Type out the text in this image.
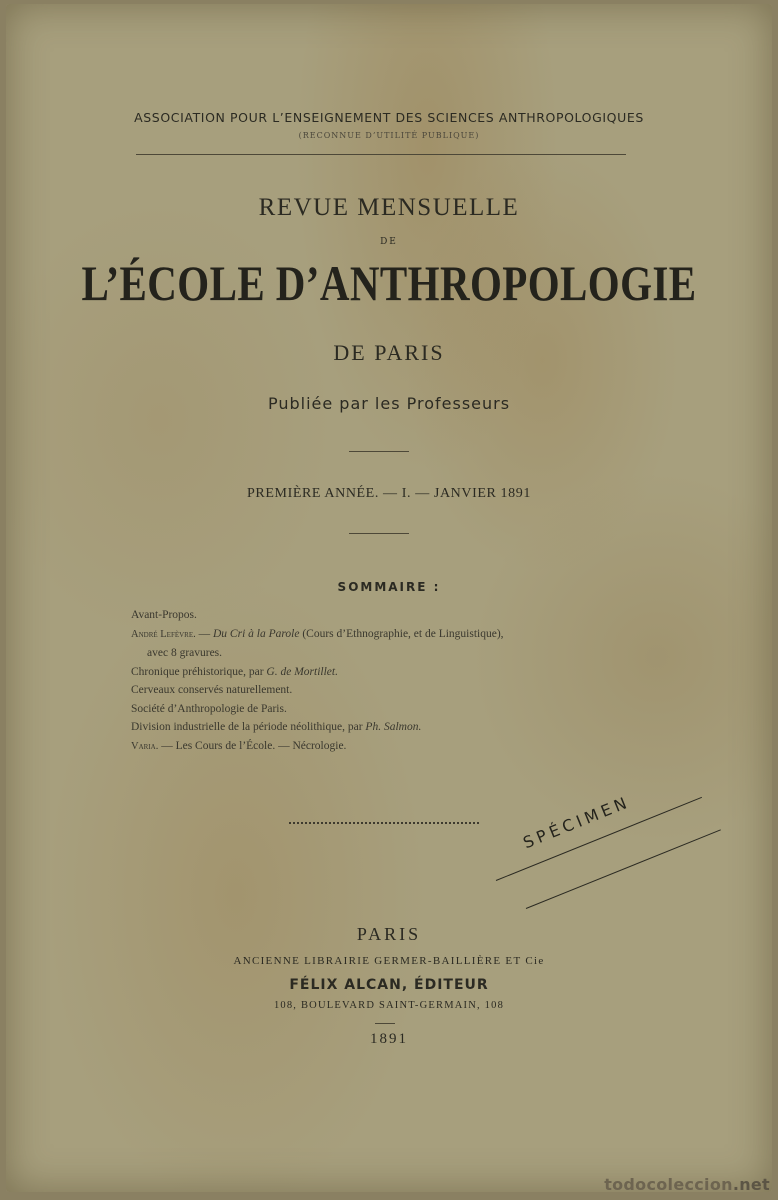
ASSOCIATION POUR L’ENSEIGNEMENT DES SCIENCES ANTHROPOLOGIQUES
(RECONNUE D’UTILITÉ PUBLIQUE)
REVUE MENSUELLE
DE
L’ÉCOLE D’ANTHROPOLOGIE
DE PARIS
Publiée par les Professeurs
PREMIÈRE ANNÉE. — I. — JANVIER 1891
SOMMAIRE :
Avant-Propos.
André Lefèvre. — Du Cri à la Parole (Cours d’Ethnographie, et de Linguistique),
avec 8 gravures.
Chronique préhistorique, par G. de Mortillet.
Cerveaux conservés naturellement.
Société d’Anthropologie de Paris.
Division industrielle de la période néolithique, par Ph. Salmon.
Varia. — Les Cours de l’École. — Nécrologie.
SPÉCIMEN
PARIS
ANCIENNE LIBRAIRIE GERMER-BAILLIÈRE ET Cie
FÉLIX ALCAN, ÉDITEUR
108, BOULEVARD SAINT-GERMAIN, 108
1891
todocoleccion.net
